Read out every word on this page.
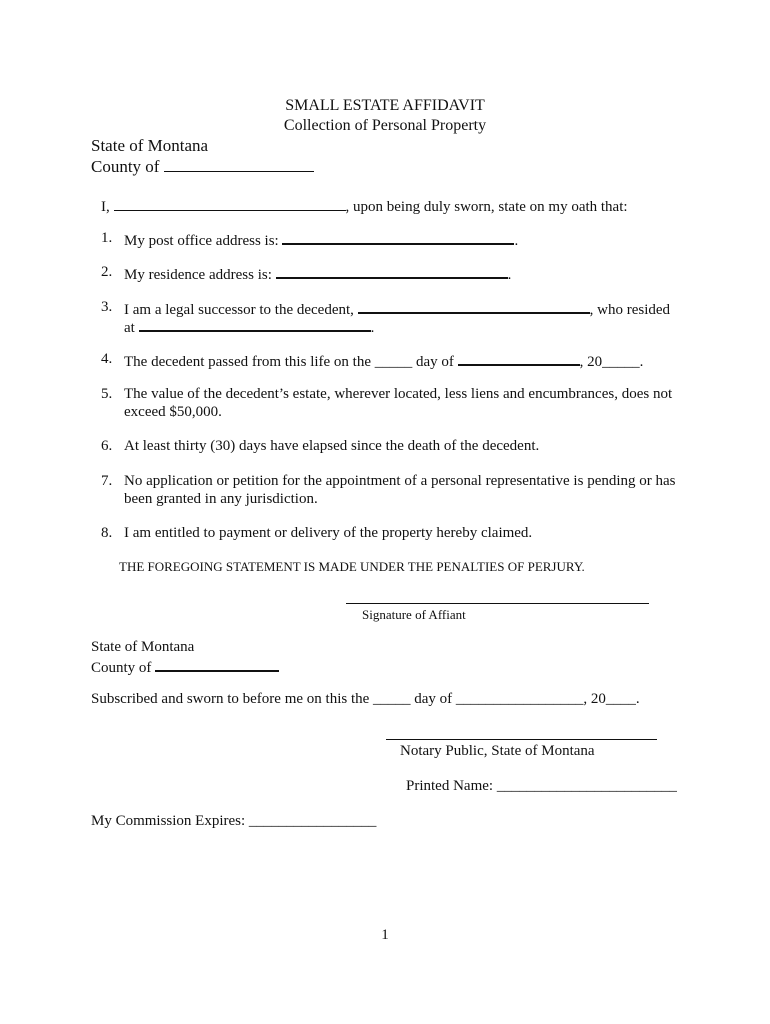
SMALL ESTATE AFFIDAVIT
Collection of Personal Property
State of Montana
County of
I,	, upon being duly sworn, state on my oath that:
1. My post office address is:	.
2. My residence address is:	.
3. I am a legal successor to the decedent,	, who resided
at	.
4. The decedent passed from this life on the _____ day of	, 20_____.
5. The value of the decedent’s estate, wherever located, less liens and encumbrances, does not exceed $50,000.
6. At least thirty (30) days have elapsed since the death of the decedent.
7. No application or petition for the appointment of a personal representative is pending or has been granted in any jurisdiction.
8. I am entitled to payment or delivery of the property hereby claimed.
THE FOREGOING STATEMENT IS MADE UNDER THE PENALTIES OF PERJURY.
Signature of Affiant
State of Montana
County of
Subscribed and sworn to before me on this the _____ day of _________________, 20____.
Notary Public, State of Montana
Printed Name: ________________________
My Commission Expires: _________________
1
